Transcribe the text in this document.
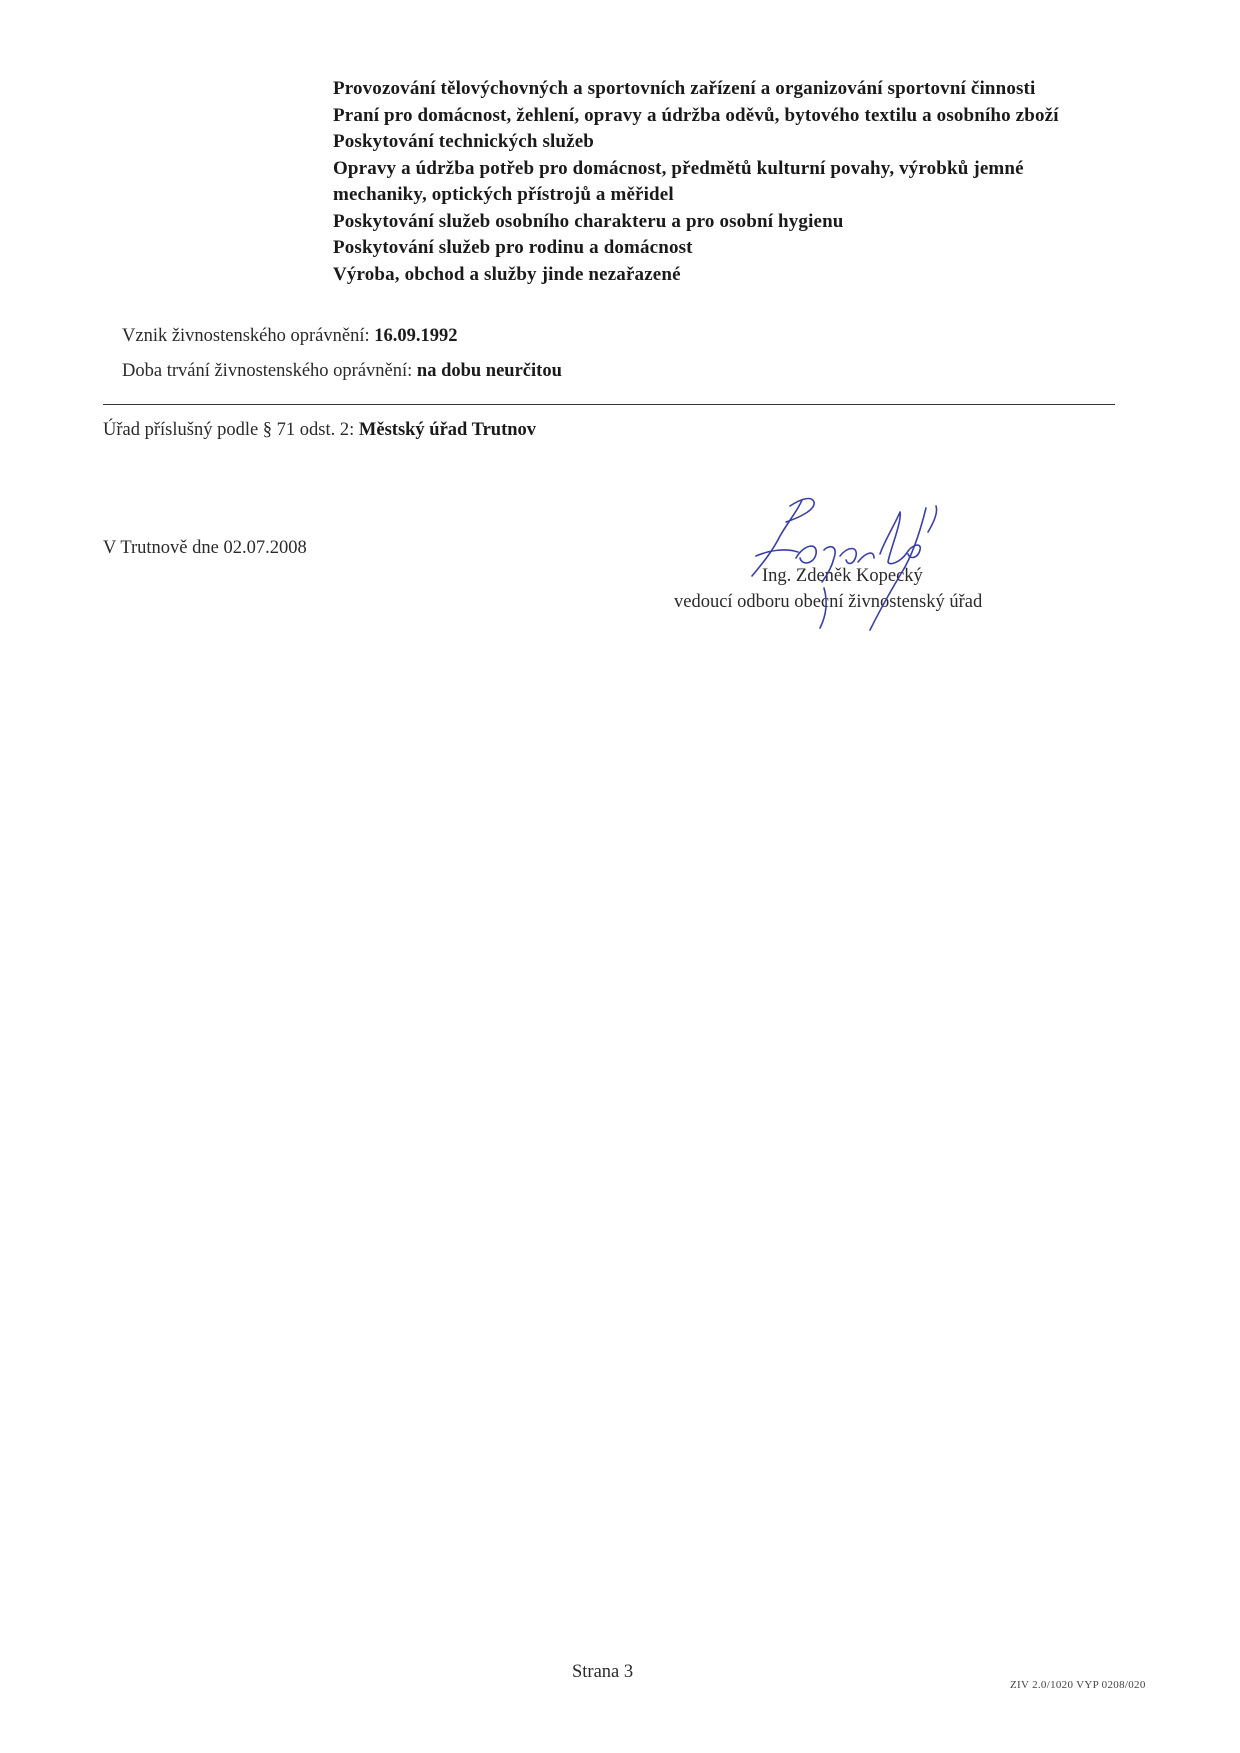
Provozování tělovýchovných a sportovních zařízení a organizování sportovní činnosti
Praní pro domácnost, žehlení, opravy a údržba oděvů, bytového textilu a osobního zboží
Poskytování technických služeb
Opravy a údržba potřeb pro domácnost, předmětů kulturní povahy, výrobků jemné mechaniky, optických přístrojů a měřidel
Poskytování služeb osobního charakteru a pro osobní hygienu
Poskytování služeb pro rodinu a domácnost
Výroba, obchod a služby jinde nezařazené
Vznik živnostenského oprávnění: 16.09.1992
Doba trvání živnostenského oprávnění: na dobu neurčitou
Úřad příslušný podle § 71 odst. 2: Městský úřad Trutnov
V Trutnově dne 02.07.2008
Ing. Zdeněk Kopecký
vedoucí odboru obecní živnostenský úřad
Strana 3
ZIV 2.0/1020 VYP 0208/020
